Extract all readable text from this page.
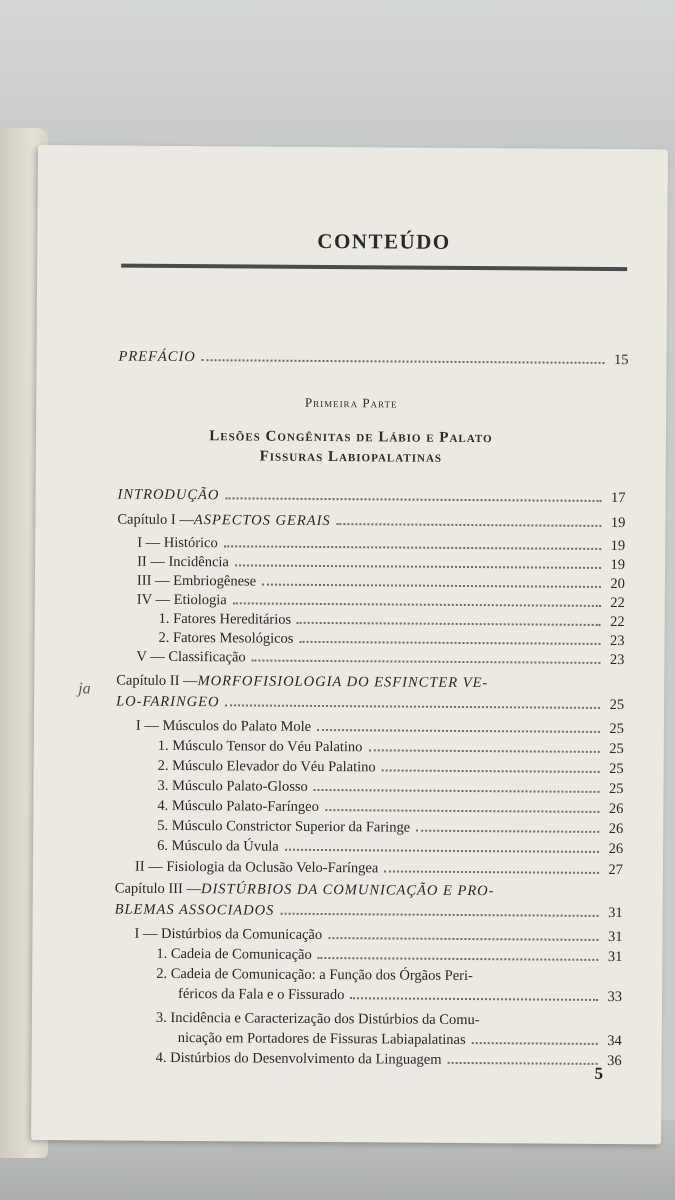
CONTEÚDO
PREFÁCIO	15
Primeira Parte
Lesões Congênitas de Lábio e Palato
Fissuras Labiopalatinas
INTRODUÇÃO	17
Capítulo I — ASPECTOS GERAIS	19
I — Histórico	19
II — Incidência	19
III — Embriogênese	20
IV — Etiologia	22
1. Fatores Hereditários	22
2. Fatores Mesológicos	23
V — Classificação	23
ja Capítulo II — MORFOFISIOLOGIA DO ESFINCTER VE-
LO-FARINGEO	25
I — Músculos do Palato Mole	25
1. Músculo Tensor do Véu Palatino	25
2. Músculo Elevador do Véu Palatino	25
3. Músculo Palato-Glosso	25
4. Músculo Palato-Faríngeo	26
5. Músculo Constrictor Superior da Faringe	26
6. Músculo da Úvula	26
II — Fisiologia da Oclusão Velo-Faríngea	27
Capítulo III — DISTÚRBIOS DA COMUNICAÇÃO E PRO-
BLEMAS ASSOCIADOS	31
I — Distúrbios da Comunicação	31
1. Cadeia de Comunicação	31
2. Cadeia de Comunicação: a Função dos Órgãos Peri-
féricos da Fala e o Fissurado	33
3. Incidência e Caracterização dos Distúrbios da Comu-
nicação em Portadores de Fissuras Labiapalatinas	34
4. Distúrbios do Desenvolvimento da Linguagem	36
5
